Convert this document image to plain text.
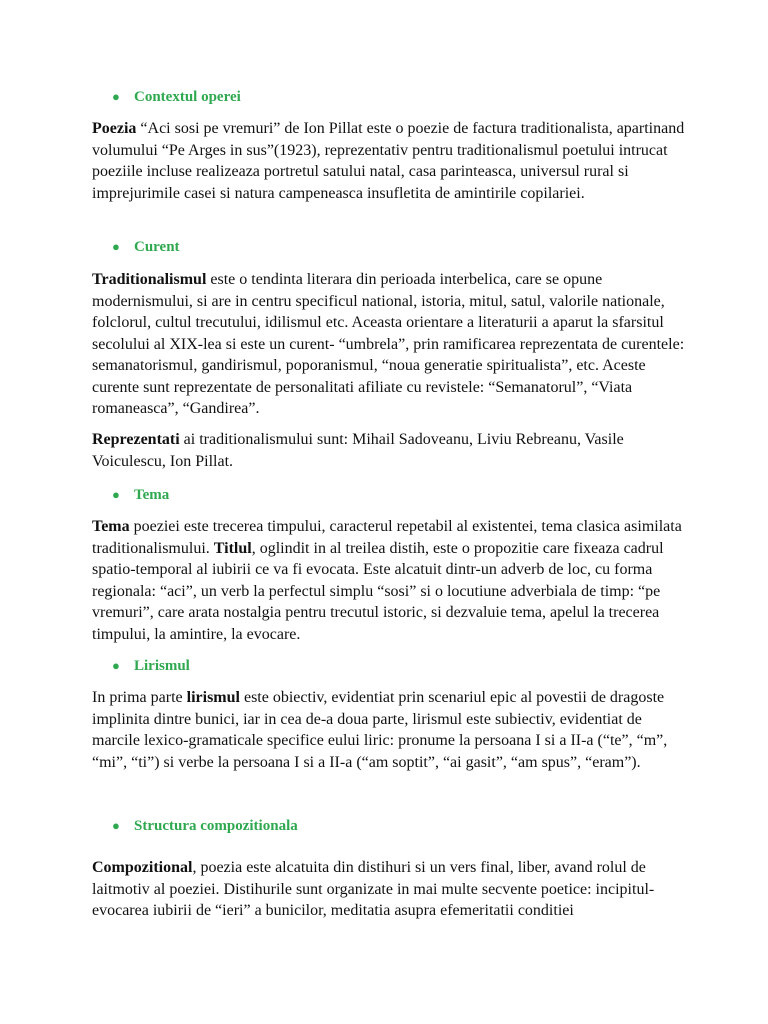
● Contextul operei

Poezia “Aci sosi pe vremuri” de Ion Pillat este o poezie de factura traditionalista, apartinand volumului “Pe Arges in sus”(1923), reprezentativ pentru traditionalismul poetului intrucat poeziile incluse realizeaza portretul satului natal, casa parinteasca, universul rural si imprejurimile casei si natura campeneasca insufletita de amintirile copilariei.

● Curent

Traditionalismul este o tendinta literara din perioada interbelica, care se opune modernismului, si are in centru specificul national, istoria, mitul, satul, valorile nationale, folclorul, cultul trecutului, idilismul etc. Aceasta orientare a literaturii a aparut la sfarsitul secolului al XIX-lea si este un curent- “umbrela”, prin ramificarea reprezentata de curentele: semanatorismul, gandirismul, poporanismul, “noua generatie spiritualista”, etc. Aceste curente sunt reprezentate de personalitati afiliate cu revistele: “Semanatorul”, “Viata romaneasca”, “Gandirea”.

Reprezentati ai traditionalismului sunt: Mihail Sadoveanu, Liviu Rebreanu, Vasile Voiculescu, Ion Pillat.

● Tema

Tema poeziei este trecerea timpului, caracterul repetabil al existentei, tema clasica asimilata traditionalismului. Titlul, oglindit in al treilea distih, este o propozitie care fixeaza cadrul spatio-temporal al iubirii ce va fi evocata. Este alcatuit dintr-un adverb de loc, cu forma regionala: “aci”, un verb la perfectul simplu “sosi” si o locutiune adverbiala de timp: “pe vremuri”, care arata nostalgia pentru trecutul istoric, si dezvaluie tema, apelul la trecerea timpului, la amintire, la evocare.

● Lirismul

In prima parte lirismul este obiectiv, evidentiat prin scenariul epic al povestii de dragoste implinita dintre bunici, iar in cea de-a doua parte, lirismul este subiectiv, evidentiat de marcile lexico-gramaticale specifice eului liric: pronume la persoana I si a II-a (“te”, “m”, “mi”, “ti”) si verbe la persoana I si a II-a (“am soptit”, “ai gasit”, “am spus”, “eram”).

● Structura compozitionala

Compozitional, poezia este alcatuita din distihuri si un vers final, liber, avand rolul de laitmotiv al poeziei. Distihurile sunt organizate in mai multe secvente poetice: incipitul- evocarea iubirii de “ieri” a bunicilor, meditatia asupra efemeritatii conditiei
